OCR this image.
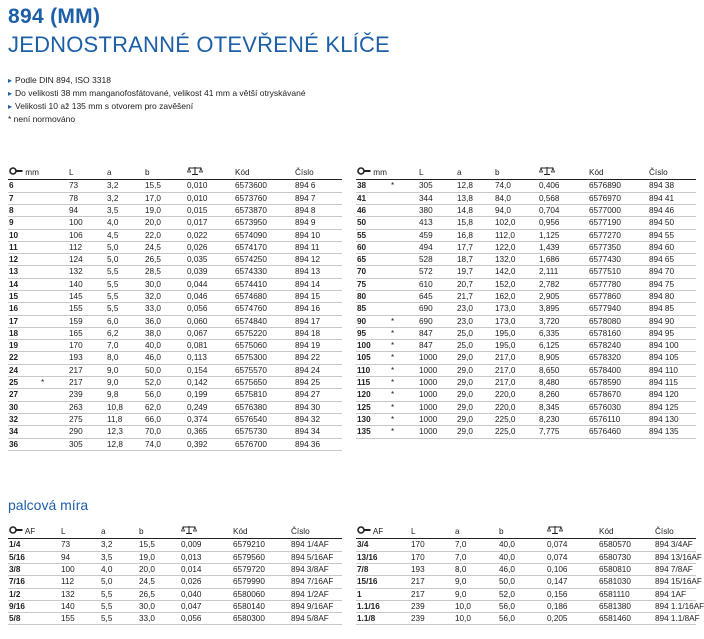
894 (MM)
JEDNOSTRANNÉ OTEVŘENÉ KLÍČE
▸ Podle DIN 894, ISO 3318
▸ Do velikosti 38 mm manganofosfátované, velikost 41 mm a větší otryskávané
▸ Velikosti 10 až 135 mm s otvorem pro zavěšení
* není normováno
mm		L	a	b		Kód	Číslo
6		73	3,2	15,5	0,010	6573600	894 6
7		78	3,2	17,0	0,010	6573760	894 7
8		94	3,5	19,0	0,015	6573870	894 8
9		100	4,0	20,0	0,017	6573950	894 9
10		106	4,5	22,0	0,022	6574090	894 10
11		112	5,0	24,5	0,026	6574170	894 11
12		124	5,0	26,5	0,035	6574250	894 12
13		132	5,5	28,5	0,039	6574330	894 13
14		140	5,5	30,0	0,044	6574410	894 14
15		145	5,5	32,0	0,046	6574680	894 15
16		155	5,5	33,0	0,056	6574760	894 16
17		159	6,0	36,0	0,060	6574840	894 17
18		165	6,2	38,0	0,067	6575220	894 18
19		170	7,0	40,0	0,081	6575060	894 19
22		193	8,0	46,0	0,113	6575300	894 22
24		217	9,0	50,0	0,154	6575570	894 24
25	*	217	9,0	52,0	0,142	6575650	894 25
27		239	9,8	56,0	0,199	6575810	894 27
30		263	10,8	62,0	0,249	6576380	894 30
32		275	11,8	66,0	0,374	6576540	894 32
34		290	12,3	70,0	0,365	6575730	894 34
36		305	12,8	74,0	0,392	6576700	894 36
mm		L	a	b		Kód	Číslo
38	*	305	12,8	74,0	0,406	6576890	894 38
41		344	13,8	84,0	0,568	6576970	894 41
46		380	14,8	94,0	0,704	6577000	894 46
50		413	15,8	102,0	0,956	6577190	894 50
55		459	16,8	112,0	1,125	6577270	894 55
60		494	17,7	122,0	1,439	6577350	894 60
65		528	18,7	132,0	1,686	6577430	894 65
70		572	19,7	142,0	2,111	6577510	894 70
75		610	20,7	152,0	2,782	6577780	894 75
80		645	21,7	162,0	2,905	6577860	894 80
85		690	23,0	173,0	3,895	6577940	894 85
90	*	690	23,0	173,0	3,720	6578080	894 90
95	*	847	25,0	195,0	6,335	6578160	894 95
100	*	847	25,0	195,0	6,125	6578240	894 100
105	*	1000	29,0	217,0	8,905	6578320	894 105
110	*	1000	29,0	217,0	8,650	6578400	894 110
115	*	1000	29,0	217,0	8,480	6578590	894 115
120	*	1000	29,0	220,0	8,260	6578670	894 120
125	*	1000	29,0	220,0	8,345	6576030	894 125
130	*	1000	29,0	225,0	8,230	6576110	894 130
135	*	1000	29,0	225,0	7,775	6576460	894 135
palcová míra
AF		L	a	b		Kód	Číslo
1/4		73	3,2	15,5	0,009	6579210	894 1/4AF
5/16		94	3,5	19,0	0,013	6579560	894 5/16AF
3/8		100	4,0	20,0	0,014	6579720	894 3/8AF
7/16		112	5,0	24,5	0,026	6579990	894 7/16AF
1/2		132	5,5	26,5	0,040	6580060	894 1/2AF
9/16		140	5,5	30,0	0,047	6580140	894 9/16AF
5/8		155	5,5	33,0	0,056	6580300	894 5/8AF
AF		L	a	b		Kód	Číslo
3/4		170	7,0	40,0	0,074	6580570	894 3/4AF
13/16		170	7,0	40,0	0,074	6580730	894 13/16AF
7/8		193	8,0	46,0	0,106	6580810	894 7/8AF
15/16		217	9,0	50,0	0,147	6581030	894 15/16AF
1		217	9,0	52,0	0,156	6581110	894 1AF
1.1/16		239	10,0	56,0	0,186	6581380	894 1.1/16AF
1.1/8		239	10,0	56,0	0,205	6581460	894 1.1/8AF
